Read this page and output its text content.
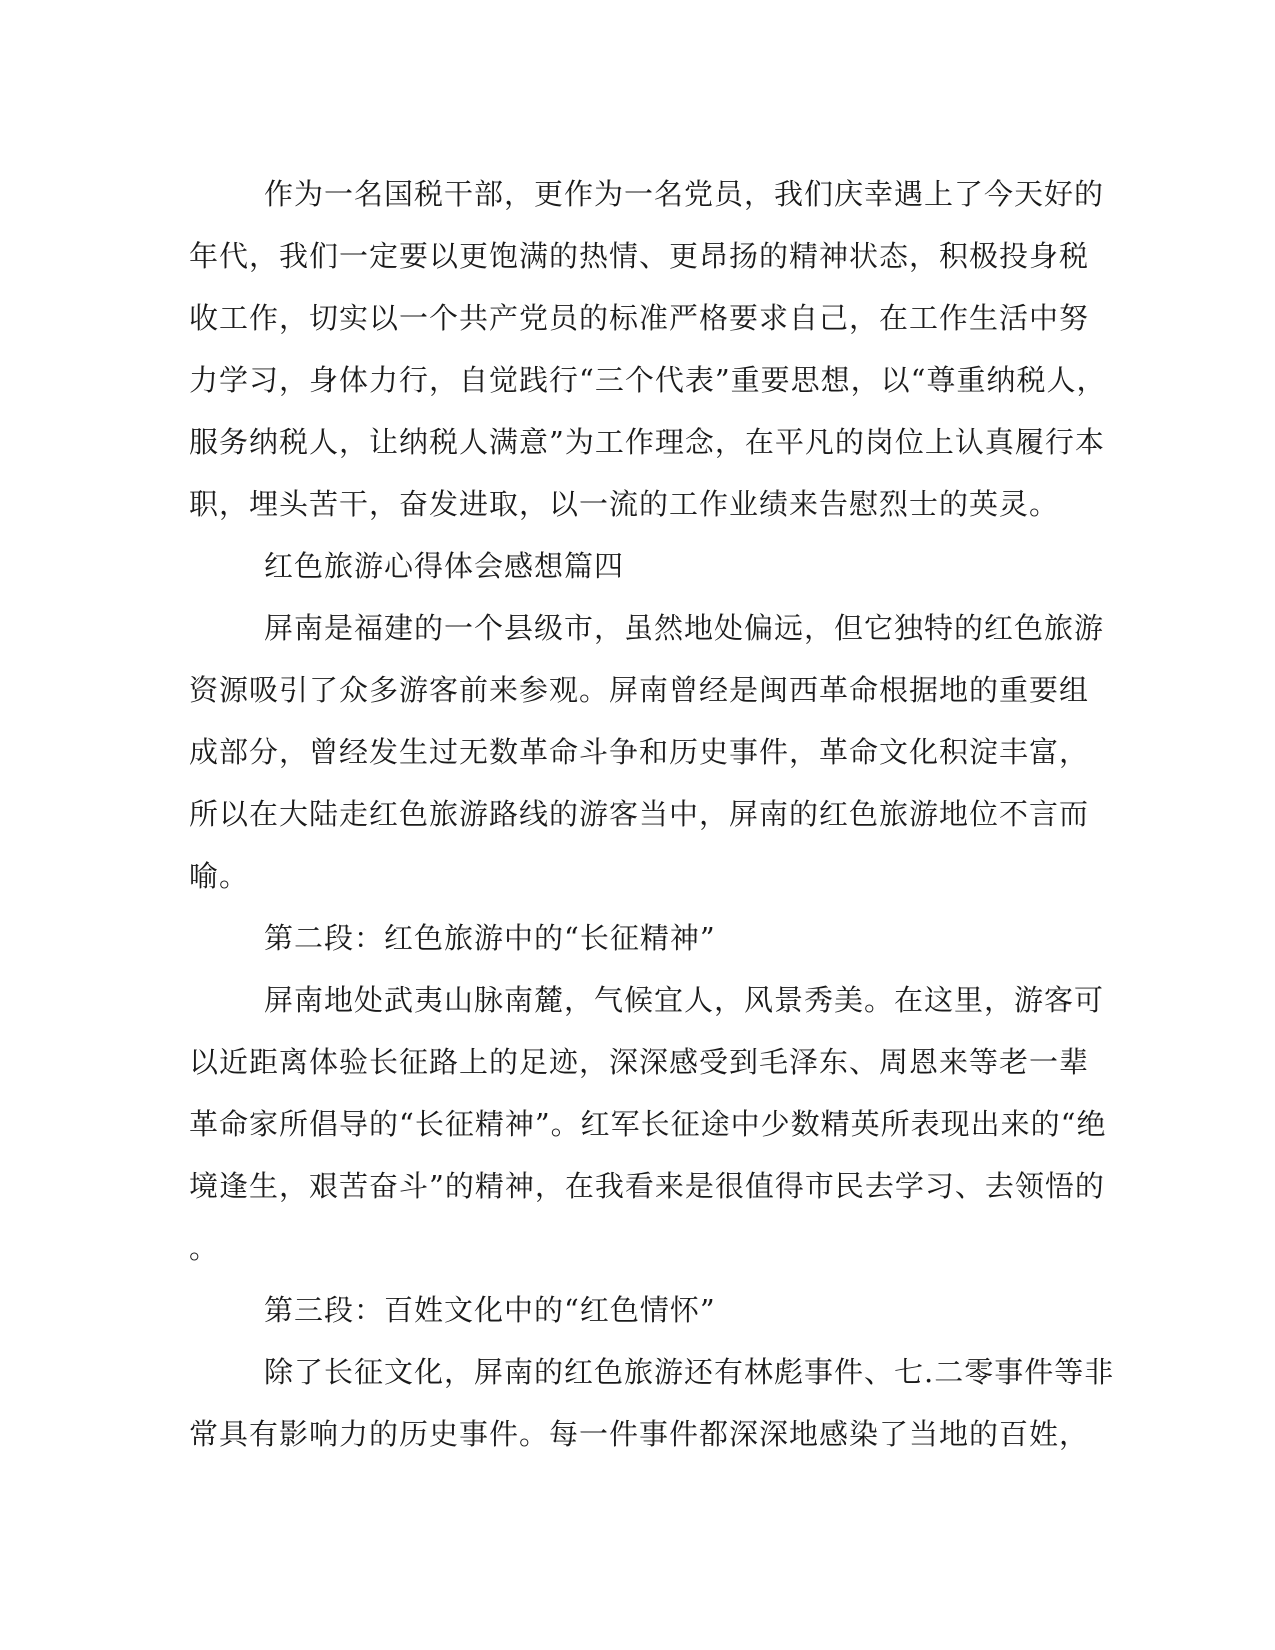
作为一名国税干部，更作为一名党员，我们庆幸遇上了今天好的
年代，我们一定要以更饱满的热情、更昂扬的精神状态，积极投身税
收工作，切实以一个共产党员的标准严格要求自己，在工作生活中努
力学习，身体力行，自觉践行“三个代表”重要思想，以“尊重纳税人，
服务纳税人，让纳税人满意”为工作理念，在平凡的岗位上认真履行本
职，埋头苦干，奋发进取，以一流的工作业绩来告慰烈士的英灵。
红色旅游心得体会感想篇四
屏南是福建的一个县级市，虽然地处偏远，但它独特的红色旅游
资源吸引了众多游客前来参观。屏南曾经是闽西革命根据地的重要组
成部分，曾经发生过无数革命斗争和历史事件，革命文化积淀丰富，
所以在大陆走红色旅游路线的游客当中，屏南的红色旅游地位不言而
喻。
第二段：红色旅游中的“长征精神”
屏南地处武夷山脉南麓，气候宜人，风景秀美。在这里，游客可
以近距离体验长征路上的足迹，深深感受到毛泽东、周恩来等老一辈
革命家所倡导的“长征精神”。红军长征途中少数精英所表现出来的“绝
境逢生，艰苦奋斗”的精神，在我看来是很值得市民去学习、去领悟的
。
第三段：百姓文化中的“红色情怀”
除了长征文化，屏南的红色旅游还有林彪事件、七.二零事件等非
常具有影响力的历史事件。每一件事件都深深地感染了当地的百姓，
